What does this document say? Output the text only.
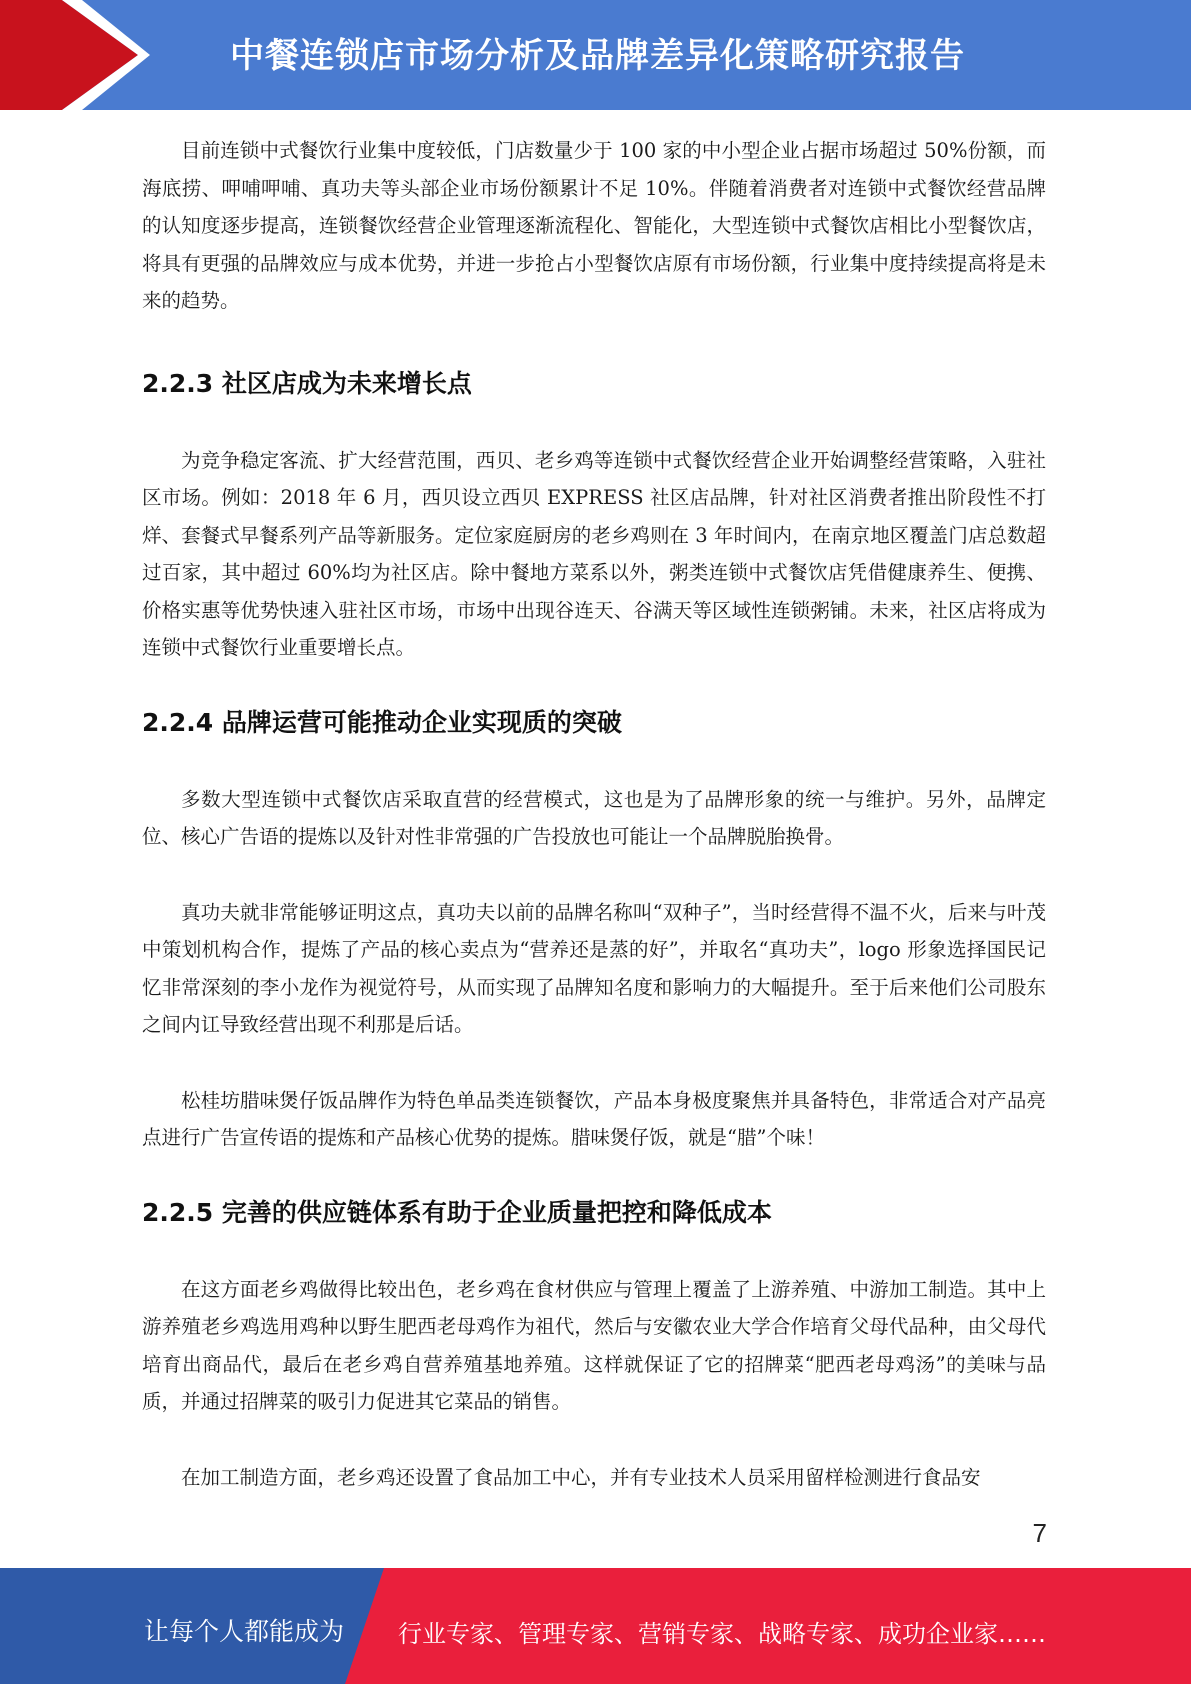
中餐连锁店市场分析及品牌差异化策略研究报告

目前连锁中式餐饮行业集中度较低，门店数量少于 100 家的中小型企业占据市场超过 50%份额，而海底捞、呷哺呷哺、真功夫等头部企业市场份额累计不足 10%。伴随着消费者对连锁中式餐饮经营品牌的认知度逐步提高，连锁餐饮经营企业管理逐渐流程化、智能化，大型连锁中式餐饮店相比小型餐饮店，将具有更强的品牌效应与成本优势，并进一步抢占小型餐饮店原有市场份额，行业集中度持续提高将是未来的趋势。

2.2.3 社区店成为未来增长点

为竞争稳定客流、扩大经营范围，西贝、老乡鸡等连锁中式餐饮经营企业开始调整经营策略，入驻社区市场。例如：2018 年 6 月，西贝设立西贝 EXPRESS 社区店品牌，针对社区消费者推出阶段性不打烊、套餐式早餐系列产品等新服务。定位家庭厨房的老乡鸡则在 3 年时间内，在南京地区覆盖门店总数超过百家，其中超过 60%均为社区店。除中餐地方菜系以外，粥类连锁中式餐饮店凭借健康养生、便携、价格实惠等优势快速入驻社区市场，市场中出现谷连天、谷满天等区域性连锁粥铺。未来，社区店将成为连锁中式餐饮行业重要增长点。

2.2.4 品牌运营可能推动企业实现质的突破

多数大型连锁中式餐饮店采取直营的经营模式，这也是为了品牌形象的统一与维护。另外，品牌定位、核心广告语的提炼以及针对性非常强的广告投放也可能让一个品牌脱胎换骨。

真功夫就非常能够证明这点，真功夫以前的品牌名称叫“双种子”，当时经营得不温不火，后来与叶茂中策划机构合作，提炼了产品的核心卖点为“营养还是蒸的好”，并取名“真功夫”，logo 形象选择国民记忆非常深刻的李小龙作为视觉符号，从而实现了品牌知名度和影响力的大幅提升。至于后来他们公司股东之间内讧导致经营出现不利那是后话。

松桂坊腊味煲仔饭品牌作为特色单品类连锁餐饮，产品本身极度聚焦并具备特色，非常适合对产品亮点进行广告宣传语的提炼和产品核心优势的提炼。腊味煲仔饭，就是“腊”个味！

2.2.5 完善的供应链体系有助于企业质量把控和降低成本

在这方面老乡鸡做得比较出色，老乡鸡在食材供应与管理上覆盖了上游养殖、中游加工制造。其中上游养殖老乡鸡选用鸡种以野生肥西老母鸡作为祖代，然后与安徽农业大学合作培育父母代品种，由父母代培育出商品代，最后在老乡鸡自营养殖基地养殖。这样就保证了它的招牌菜“肥西老母鸡汤”的美味与品质，并通过招牌菜的吸引力促进其它菜品的销售。

在加工制造方面，老乡鸡还设置了食品加工中心，并有专业技术人员采用留样检测进行食品安

7
让每个人都能成为 行业专家、管理专家、营销专家、战略专家、成功企业家……
